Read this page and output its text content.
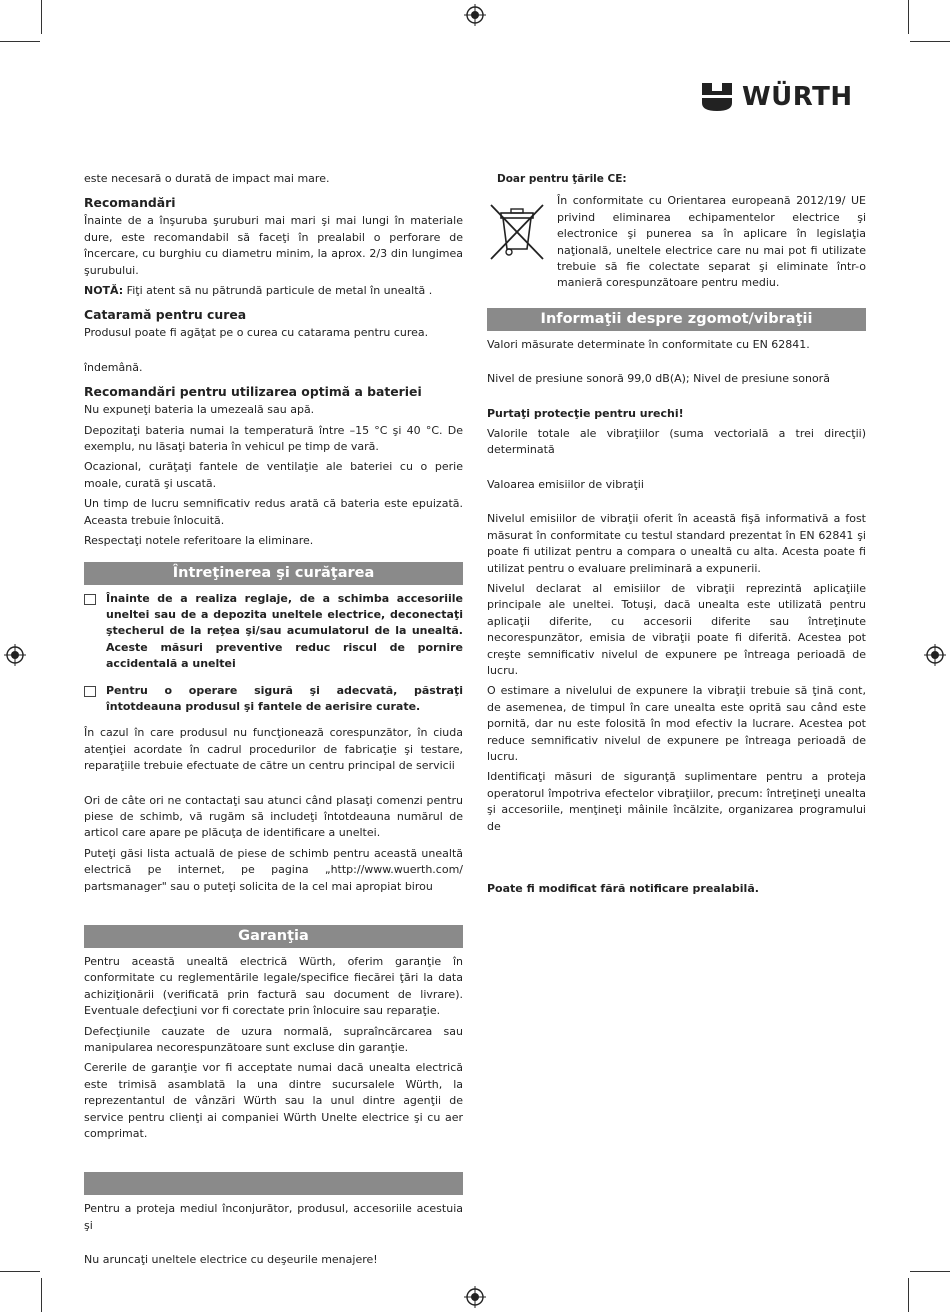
WÜRTH

este necesară o durată de impact mai mare.

Recomandări

Înainte de a înşuruba şuruburi mai mari şi mai lungi în materiale dure, este recomandabil să faceţi în prealabil o perforare de încercare, cu burghiu cu diametru minim, la aprox. 2/3 din lungimea şurubului.

NOTĂ: Fiţi atent să nu pătrundă particule de metal în unealtă .

Cataramă pentru curea

Produsul poate fi agăţat pe o curea cu catarama pentru curea.

îndemână.

Recomandări pentru utilizarea optimă a bateriei

Nu expuneţi bateria la umezeală sau apă.

Depozitaţi bateria numai la temperatură între –15 °C şi 40 °C. De exemplu, nu lăsaţi bateria în vehicul pe timp de vară.

Ocazional, curăţaţi fantele de ventilaţie ale bateriei cu o perie moale, curată şi uscată.

Un timp de lucru semnificativ redus arată că bateria este epuizată. Aceasta trebuie înlocuită.

Respectaţi notele referitoare la eliminare.

Întreţinerea şi curăţarea
Înainte de a realiza reglaje, de a schimba accesoriile uneltei sau de a depozita uneltele electrice, deconectaţi ştecherul de la reţea şi/sau acumulatorul de la unealtă. Aceste măsuri preventive reduc riscul de pornire accidentală a uneltei
Pentru o operare sigură şi adecvată, păstraţi întotdeauna produsul şi fantele de aerisire curate.

În cazul în care produsul nu funcţionează corespunzător, în ciuda atenţiei acordate în cadrul procedurilor de fabricaţie şi testare, reparaţiile trebuie efectuate de către un centru principal de servicii

Ori de câte ori ne contactaţi sau atunci când plasaţi comenzi pentru piese de schimb, vă rugăm să includeţi întotdeauna numărul de articol care apare pe plăcuţa de identificare a uneltei.

Puteţi găsi lista actuală de piese de schimb pentru această unealtă electrică pe internet, pe pagina „http://www.wuerth.com/ partsmanager" sau o puteţi solicita de la cel mai apropiat birou

Garanţia

Pentru această unealtă electrică Würth, oferim garanţie în conformitate cu reglementările legale/specifice fiecărei ţări la data achiziţionării (verificată prin factură sau document de livrare). Eventuale defecţiuni vor fi corectate prin înlocuire sau reparaţie.

Defecţiunile cauzate de uzura normală, supraîncărcarea sau manipularea necorespunzătoare sunt excluse din garanţie.

Cererile de garanţie vor fi acceptate numai dacă unealta electrică este trimisă asamblată la una dintre sucursalele Würth, la reprezentantul de vânzări Würth sau la unul dintre agenţii de service pentru clienţi ai companiei Würth Unelte electrice şi cu aer comprimat.

Pentru a proteja mediul înconjurător, produsul, accesoriile acestuia şi

Nu aruncaţi uneltele electrice cu deşeurile menajere!

Doar pentru ţările CE:

În conformitate cu Orientarea europeană 2012/19/ UE privind eliminarea echipamentelor electrice şi electronice şi punerea sa în aplicare în legislaţia naţională, uneltele electrice care nu mai pot fi utilizate trebuie să fie colectate separat şi eliminate într-o manieră corespunzătoare pentru mediu.

Informaţii despre zgomot/vibraţii

Valori măsurate determinate în conformitate cu EN 62841.

Nivel de presiune sonoră 99,0 dB(A); Nivel de presiune sonoră

Purtaţi protecţie pentru urechi!

Valorile totale ale vibraţiilor (suma vectorială a trei direcţii) determinată

Valoarea emisiilor de vibraţii

Nivelul emisiilor de vibraţii oferit în această fişă informativă a fost măsurat în conformitate cu testul standard prezentat în EN 62841 şi poate fi utilizat pentru a compara o unealtă cu alta. Acesta poate fi utilizat pentru o evaluare preliminară a expunerii.

Nivelul declarat al emisiilor de vibraţii reprezintă aplicaţiile principale ale uneltei. Totuşi, dacă unealta este utilizată pentru aplicaţii diferite, cu accesorii diferite sau întreţinute necorespunzător, emisia de vibraţii poate fi diferită. Acestea pot creşte semnificativ nivelul de expunere pe întreaga perioadă de lucru.

O estimare a nivelului de expunere la vibraţii trebuie să ţină cont, de asemenea, de timpul în care unealta este oprită sau când este pornită, dar nu este folosită în mod efectiv la lucrare. Acestea pot reduce semnificativ nivelul de expunere pe întreaga perioadă de lucru.

Identificaţi măsuri de siguranţă suplimentare pentru a proteja operatorul împotriva efectelor vibraţiilor, precum: întreţineţi unealta şi accesoriile, menţineţi mâinile încălzite, organizarea programului de

Poate fi modificat fără notificare prealabilă.
